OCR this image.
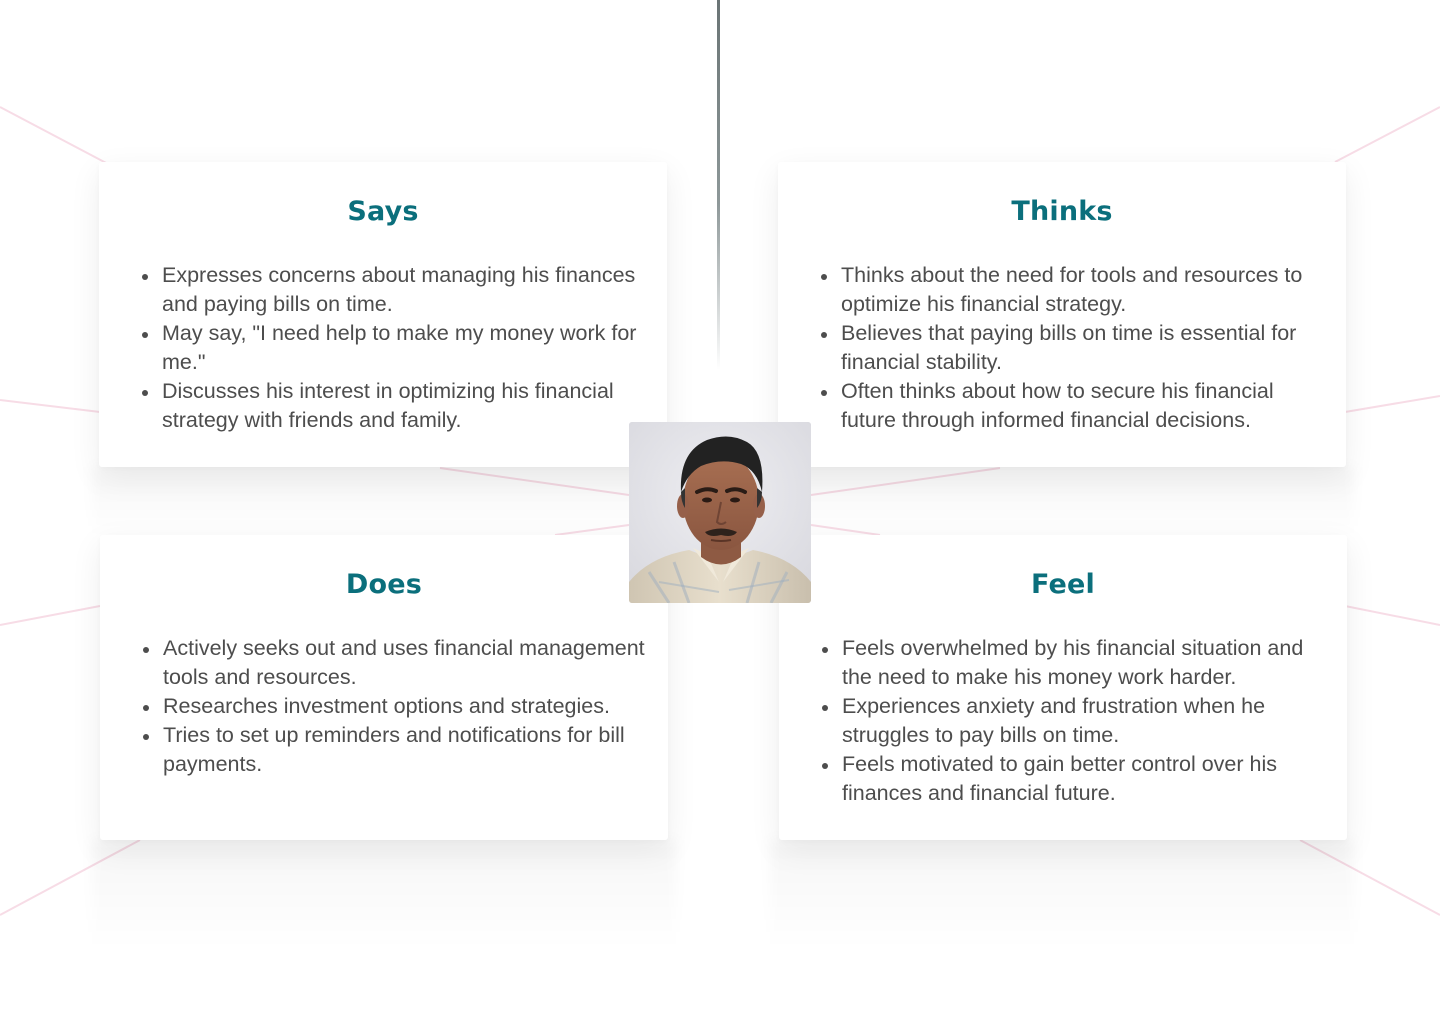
Says
Expresses concerns about managing his finances and paying bills on time.
May say, "I need help to make my money work for me."
Discusses his interest in optimizing his financial strategy with friends and family.
Thinks
Thinks about the need for tools and resources to optimize his financial strategy.
Believes that paying bills on time is essential for financial stability.
Often thinks about how to secure his financial future through informed financial decisions.
Does
Actively seeks out and uses financial management tools and resources.
Researches investment options and strategies.
Tries to set up reminders and notifications for bill payments.
Feel
Feels overwhelmed by his financial situation and the need to make his money work harder.
Experiences anxiety and frustration when he struggles to pay bills on time.
Feels motivated to gain better control over his finances and financial future.
